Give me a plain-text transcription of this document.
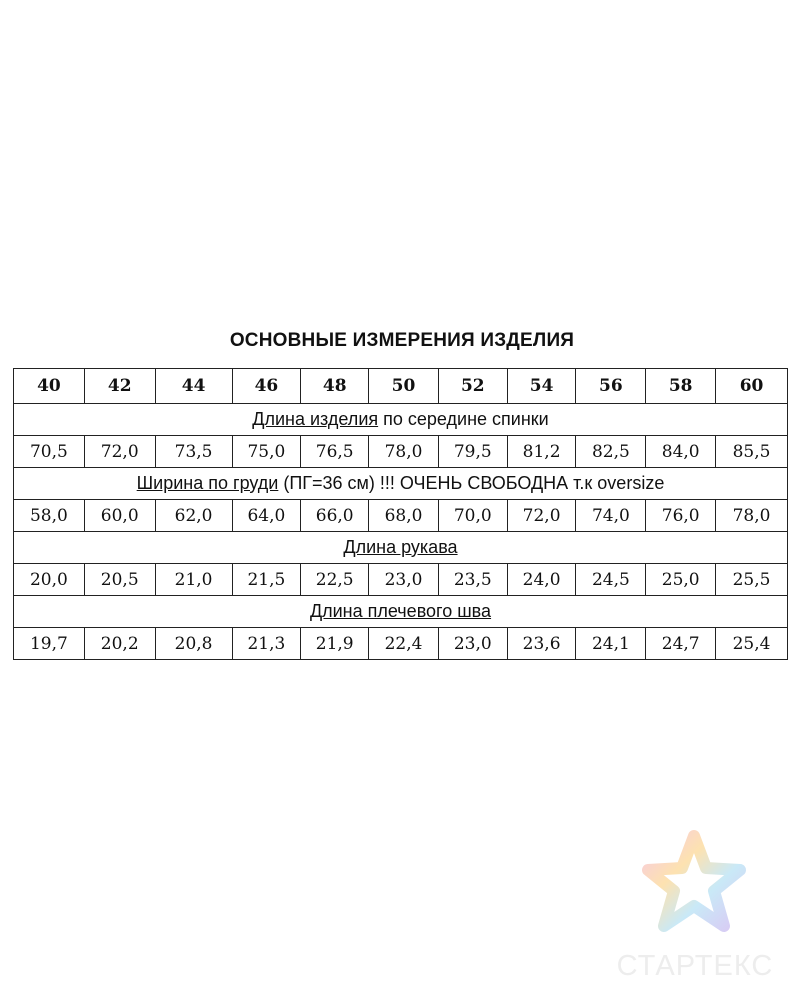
ОСНОВНЫЕ ИЗМЕРЕНИЯ ИЗДЕЛИЯ
40	42	44	46	48	50	52	54	56	58	60
Длина изделия по середине спинки										
70,5	72,0	73,5	75,0	76,5	78,0	79,5	81,2	82,5	84,0	85,5
Ширина по груди (ПГ=36 см) !!! ОЧЕНЬ СВОБОДНА т.к oversize										
58,0	60,0	62,0	64,0	66,0	68,0	70,0	72,0	74,0	76,0	78,0
Длина рукава										
20,0	20,5	21,0	21,5	22,5	23,0	23,5	24,0	24,5	25,0	25,5
Длина плечевого шва										
19,7	20,2	20,8	21,3	21,9	22,4	23,0	23,6	24,1	24,7	25,4
СТАРТЕКС
